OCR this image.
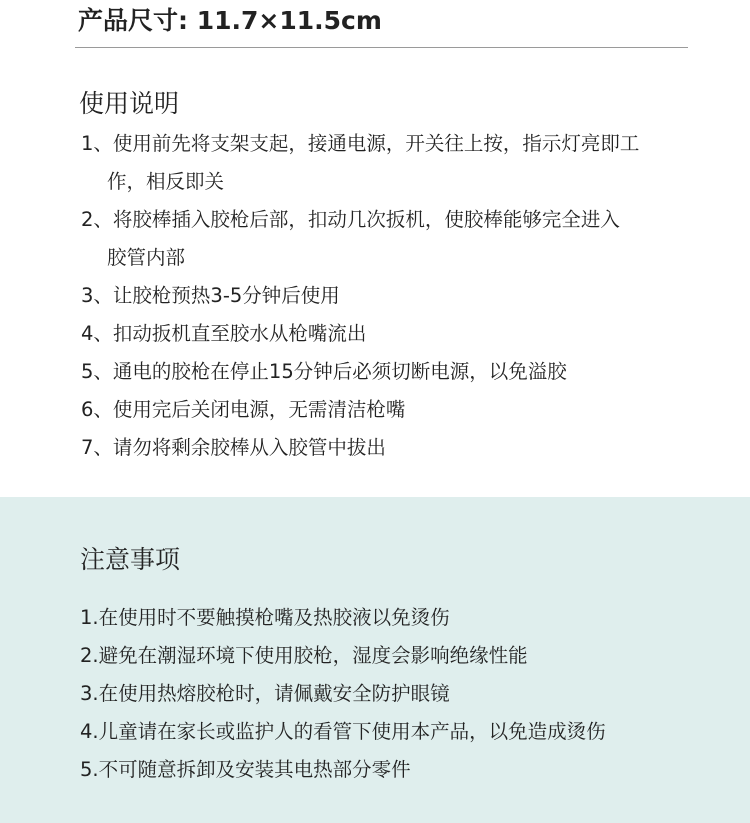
产品尺寸: 11.7×11.5cm
使用说明
1、使用前先将支架支起，接通电源，开关往上按，指示灯亮即工
作，相反即关
2、将胶棒插入胶枪后部，扣动几次扳机，使胶棒能够完全进入
胶管内部
3、让胶枪预热3-5分钟后使用
4、扣动扳机直至胶水从枪嘴流出
5、通电的胶枪在停止15分钟后必须切断电源，以免溢胶
6、使用完后关闭电源，无需清洁枪嘴
7、请勿将剩余胶棒从入胶管中拔出
注意事项
1.在使用时不要触摸枪嘴及热胶液以免烫伤
2.避免在潮湿环境下使用胶枪，湿度会影响绝缘性能
3.在使用热熔胶枪时，请佩戴安全防护眼镜
4.儿童请在家长或监护人的看管下使用本产品，以免造成烫伤
5.不可随意拆卸及安装其电热部分零件
